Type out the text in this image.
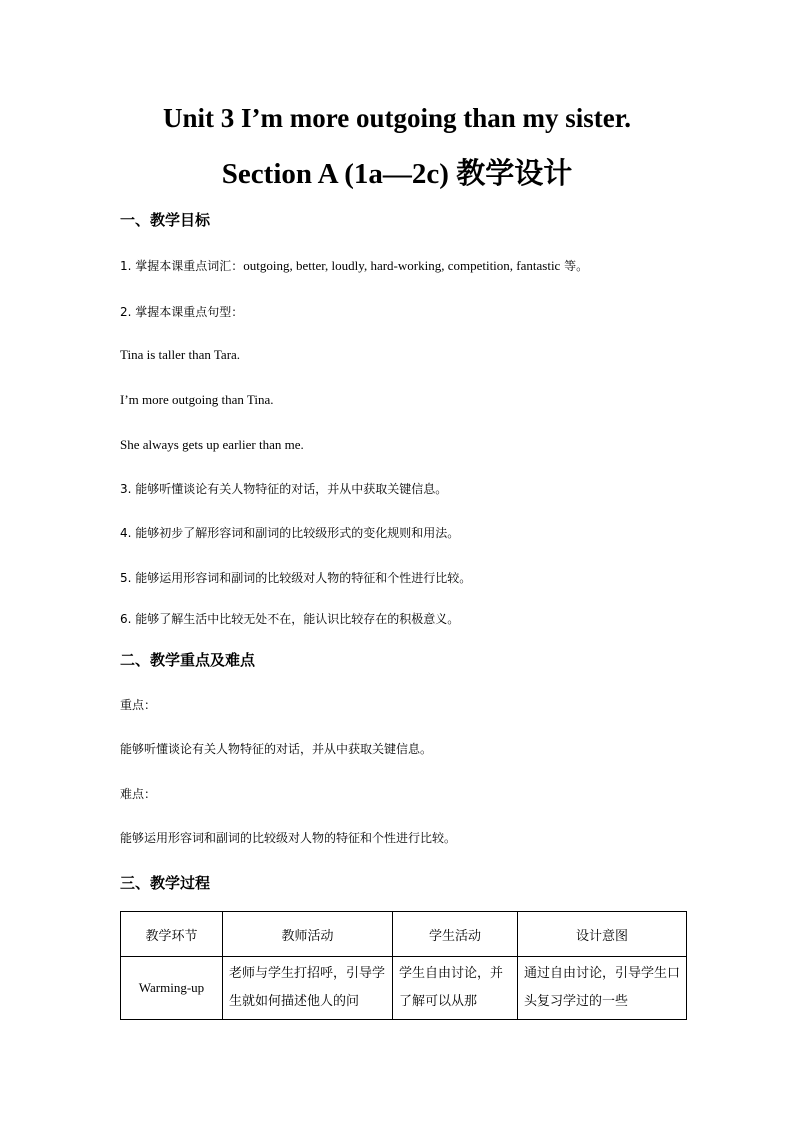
Unit 3 I’m more outgoing than my sister.
Section A (1a—2c) 教学设计
一、教学目标
1. 掌握本课重点词汇：outgoing, better, loudly, hard-working, competition, fantastic 等。
2. 掌握本课重点句型：
Tina is taller than Tara.
I’m more outgoing than Tina.
She always gets up earlier than me.
3. 能够听懂谈论有关人物特征的对话，并从中获取关键信息。
4. 能够初步了解形容词和副词的比较级形式的变化规则和用法。
5. 能够运用形容词和副词的比较级对人物的特征和个性进行比较。
6. 能够了解生活中比较无处不在，能认识比较存在的积极意义。
二、教学重点及难点
重点：
能够听懂谈论有关人物特征的对话，并从中获取关键信息。
难点：
能够运用形容词和副词的比较级对人物的特征和个性进行比较。
三、教学过程
教学环节	教师活动	学生活动	设计意图

Warming-up	老师与学生打招呼，引导学生就如何描述他人的问	学生自由讨论，并了解可以从那	通过自由讨论，引导学生口头复习学过的一些
